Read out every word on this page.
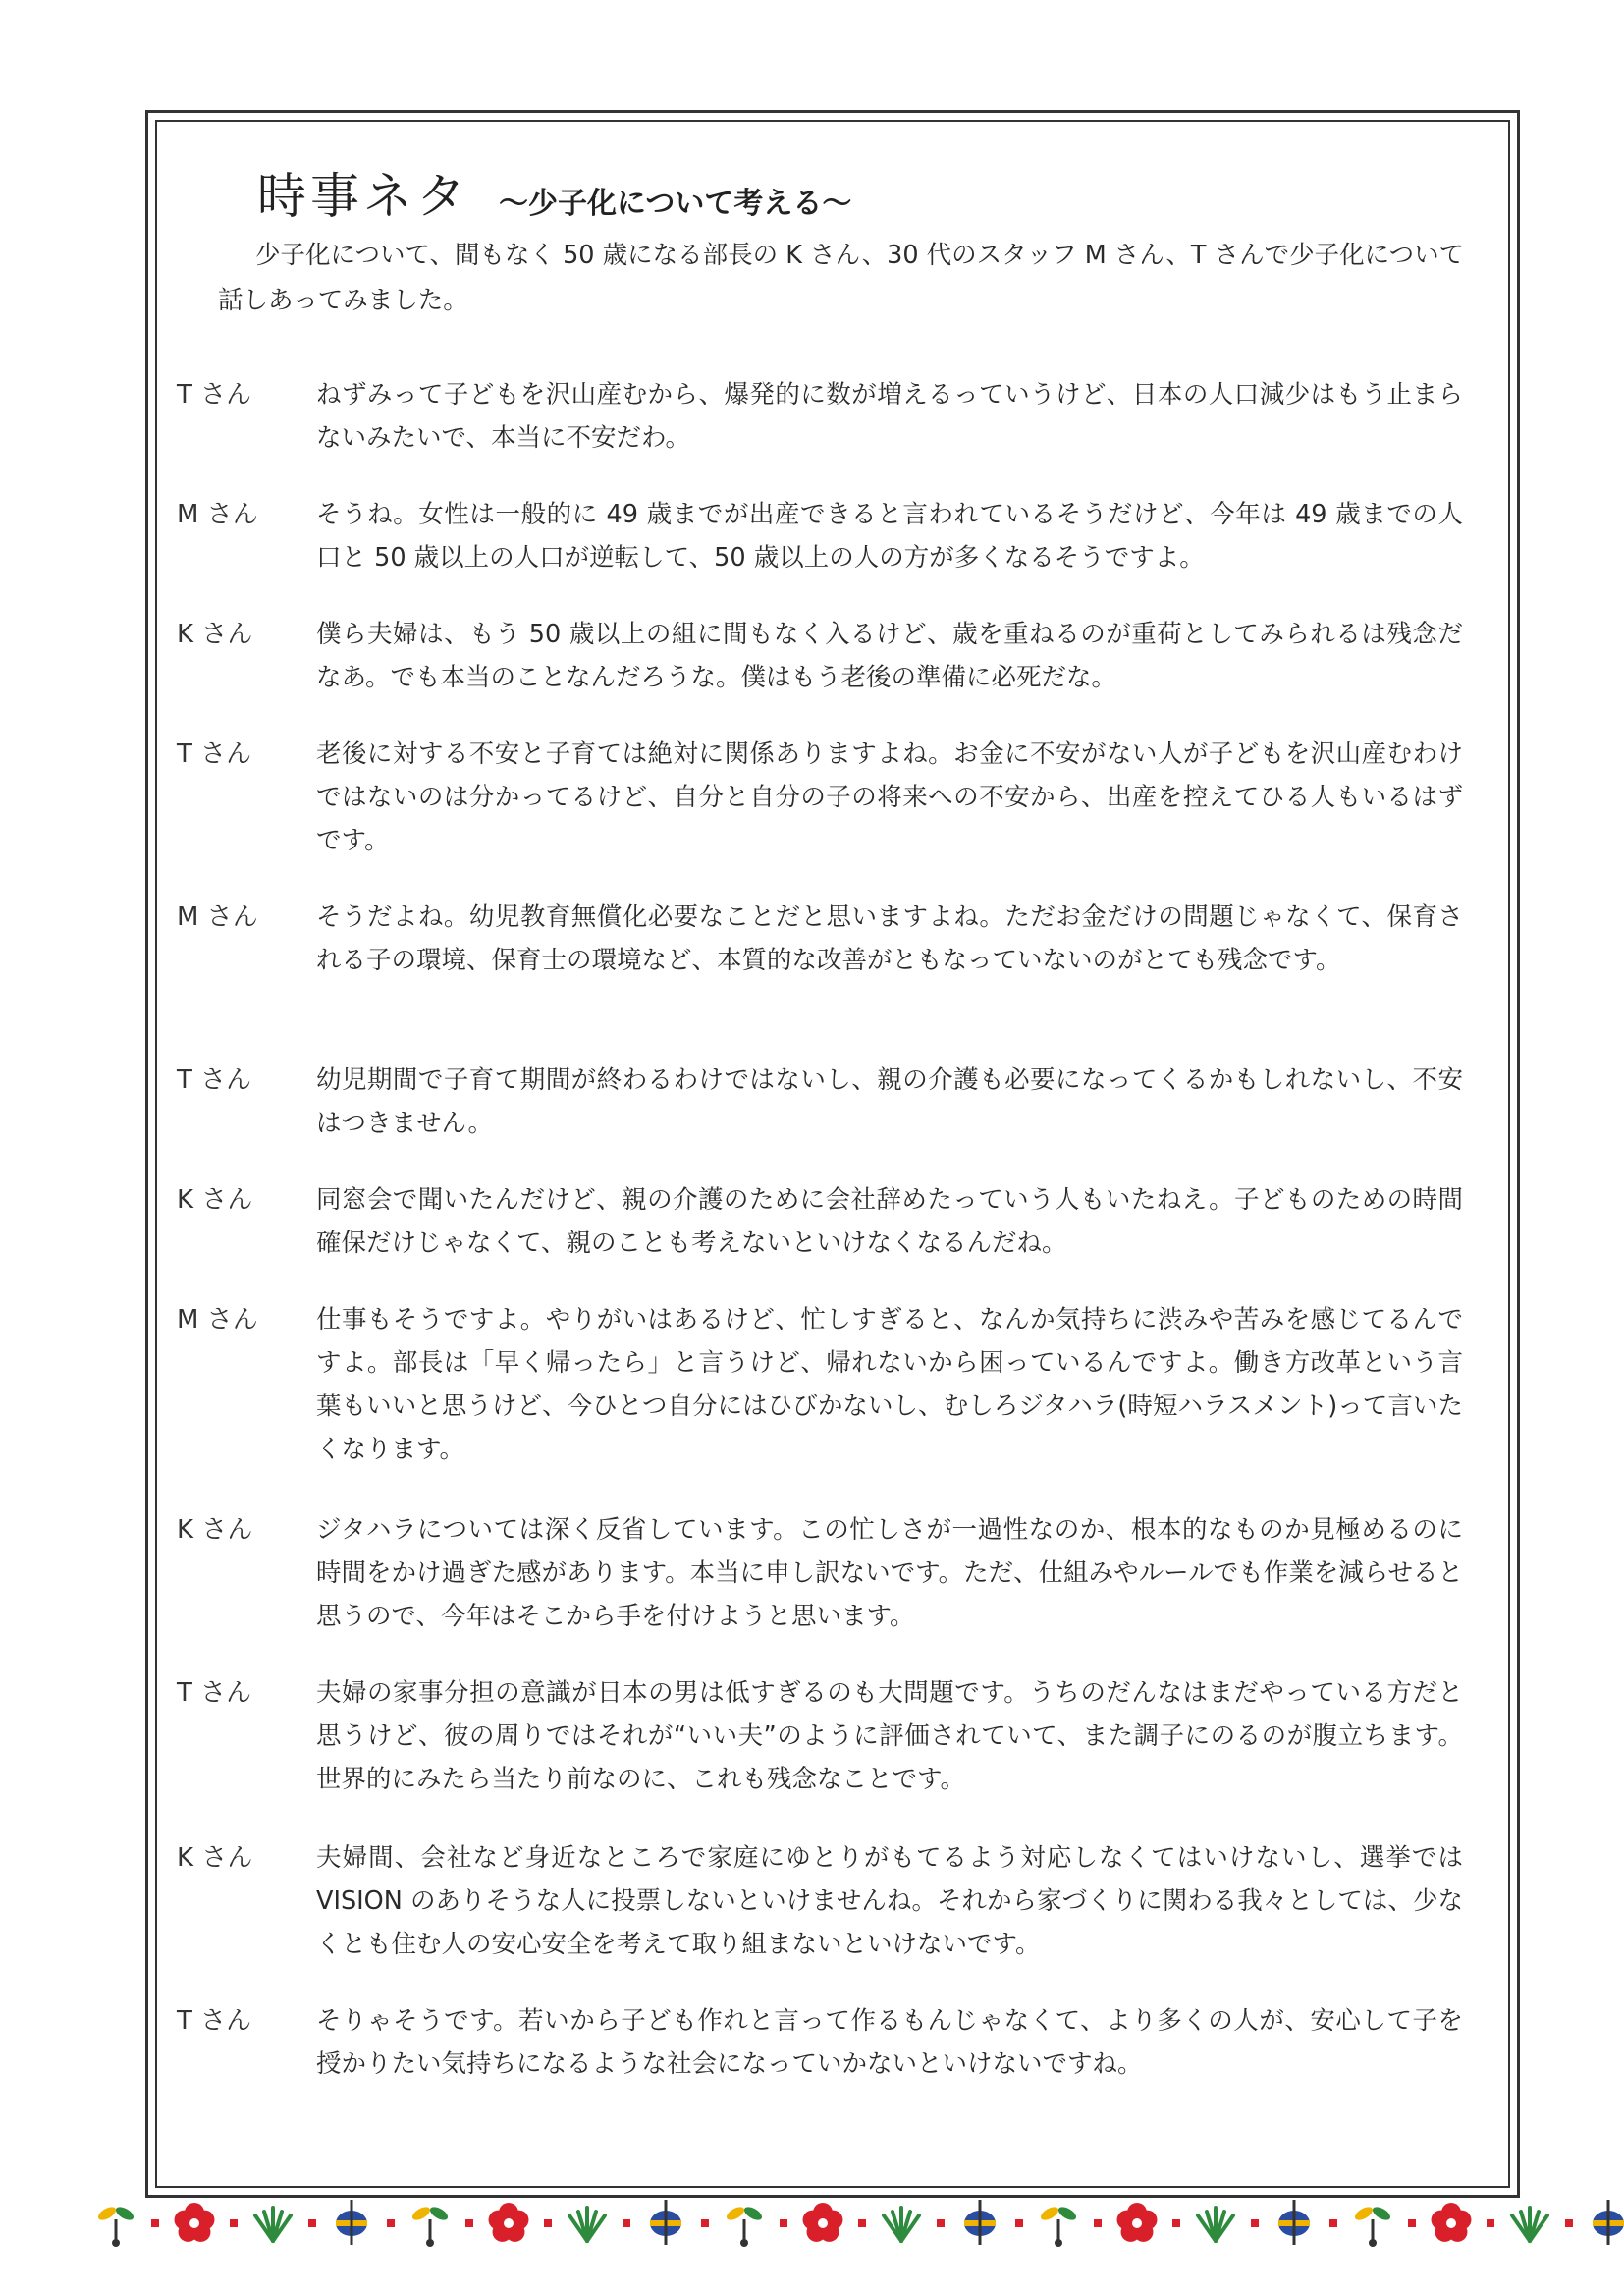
時事ネタ ～少子化について考える～
少子化について、間もなく 50 歳になる部長の K さん、30 代のスタッフ M さん、T さんで少子化について話しあってみました。
T さん	ねずみって子どもを沢山産むから、爆発的に数が増えるっていうけど、日本の人口減少はもう止まらないみたいで、本当に不安だわ。
M さん	そうね。女性は一般的に 49 歳までが出産できると言われているそうだけど、今年は 49 歳までの人口と 50 歳以上の人口が逆転して、50 歳以上の人の方が多くなるそうですよ。
K さん	僕ら夫婦は、もう 50 歳以上の組に間もなく入るけど、歳を重ねるのが重荷としてみられるは残念だなあ。でも本当のことなんだろうな。僕はもう老後の準備に必死だな。
T さん	老後に対する不安と子育ては絶対に関係ありますよね。お金に不安がない人が子どもを沢山産むわけではないのは分かってるけど、自分と自分の子の将来への不安から、出産を控えてひる人もいるはずです。
M さん	そうだよね。幼児教育無償化必要なことだと思いますよね。ただお金だけの問題じゃなくて、保育される子の環境、保育士の環境など、本質的な改善がともなっていないのがとても残念です。
T さん	幼児期間で子育て期間が終わるわけではないし、親の介護も必要になってくるかもしれないし、不安はつきません。
K さん	同窓会で聞いたんだけど、親の介護のために会社辞めたっていう人もいたねえ。子どものための時間確保だけじゃなくて、親のことも考えないといけなくなるんだね。
M さん	仕事もそうですよ。やりがいはあるけど、忙しすぎると、なんか気持ちに渋みや苦みを感じてるんですよ。部長は「早く帰ったら」と言うけど、帰れないから困っているんですよ。働き方改革という言葉もいいと思うけど、今ひとつ自分にはひびかないし、むしろジタハラ(時短ハラスメント)って言いたくなります。
K さん	ジタハラについては深く反省しています。この忙しさが一過性なのか、根本的なものか見極めるのに時間をかけ過ぎた感があります。本当に申し訳ないです。ただ、仕組みやルールでも作業を減らせると思うので、今年はそこから手を付けようと思います。
T さん	夫婦の家事分担の意識が日本の男は低すぎるのも大問題です。うちのだんなはまだやっている方だと思うけど、彼の周りではそれが“いい夫”のように評価されていて、また調子にのるのが腹立ちます。世界的にみたら当たり前なのに、これも残念なことです。
K さん	夫婦間、会社など身近なところで家庭にゆとりがもてるよう対応しなくてはいけないし、選挙では VISION のありそうな人に投票しないといけませんね。それから家づくりに関わる我々としては、少なくとも住む人の安心安全を考えて取り組まないといけないです。
T さん	そりゃそうです。若いから子ども作れと言って作るもんじゃなくて、より多くの人が、安心して子を授かりたい気持ちになるような社会になっていかないといけないですね。
